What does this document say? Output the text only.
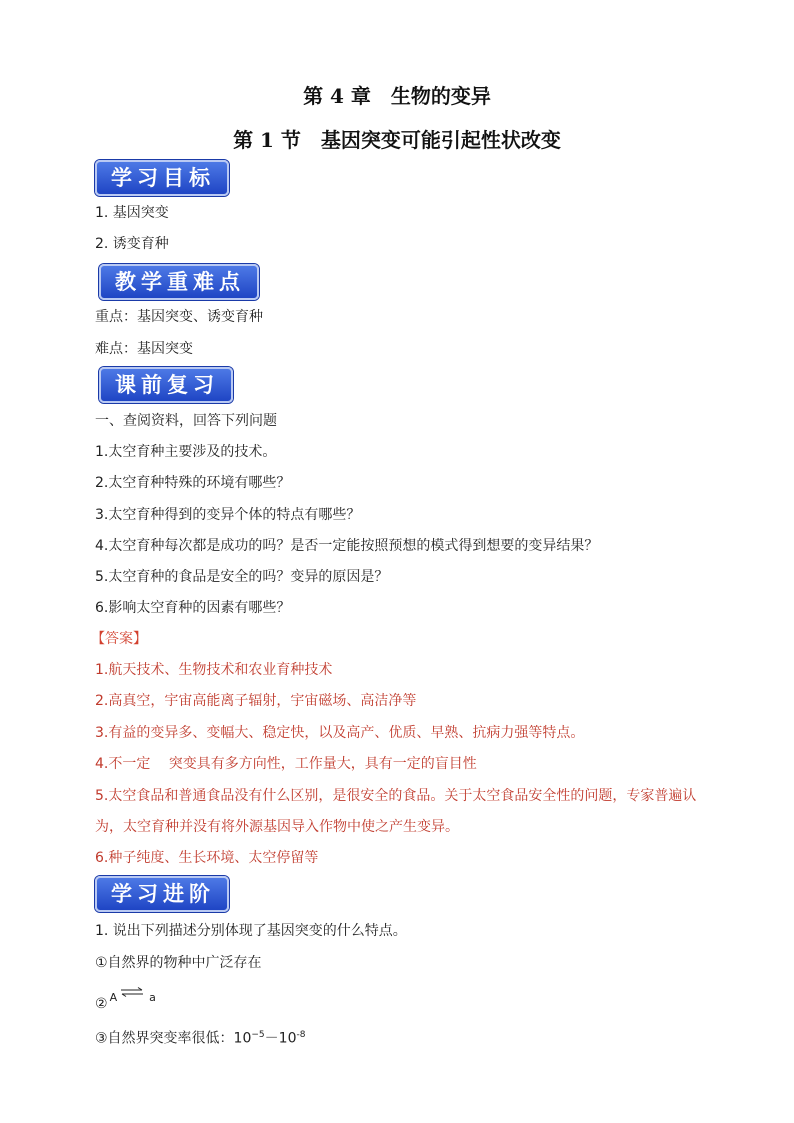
第 4 章　生物的变异
第 1 节　基因突变可能引起性状改变
学习目标
1. 基因突变
2. 诱变育种
教学重难点
重点：基因突变、诱变育种
难点：基因突变
课前复习
一、查阅资料，回答下列问题
1.太空育种主要涉及的技术。
2.太空育种特殊的环境有哪些？
3.太空育种得到的变异个体的特点有哪些？
4.太空育种每次都是成功的吗？是否一定能按照预想的模式得到想要的变异结果？
5.太空育种的食品是安全的吗？变异的原因是？
6.影响太空育种的因素有哪些？
【答案】
1.航天技术、生物技术和农业育种技术
2.高真空，宇宙高能离子辐射，宇宙磁场、高洁净等
3.有益的变异多、变幅大、稳定快，以及高产、优质、早熟、抗病力强等特点。
4.不一定　 突变具有多方向性，工作量大，具有一定的盲目性
5.太空食品和普通食品没有什么区别，是很安全的食品。关于太空食品安全性的问题，专家普遍认
为，太空育种并没有将外源基因导入作物中使之产生变异。
6.种子纯度、生长环境、太空停留等
学习进阶
1. 说出下列描述分别体现了基因突变的什么特点。
①自然界的物种中广泛存在
② A ⇌ a
③自然界突变率很低：$10^{-5}-10^{-8}$
